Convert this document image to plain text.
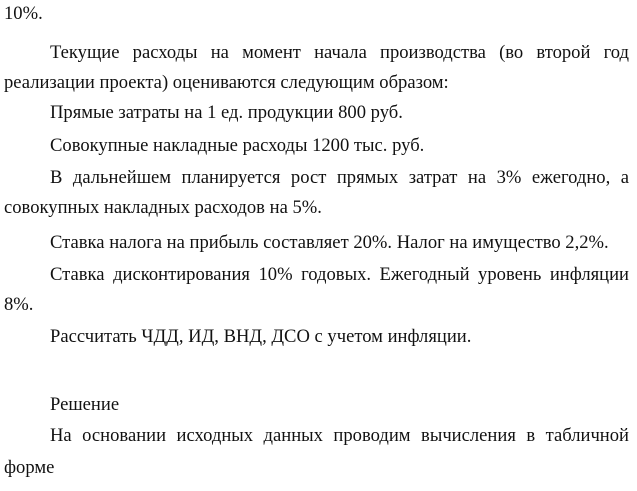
10%.
Текущие расходы на момент начала производства (во второй год
реализации проекта) оцениваются следующим образом:
Прямые затраты на 1 ед. продукции 800 руб.
Совокупные накладные расходы 1200 тыс. руб.
В дальнейшем планируется рост прямых затрат на 3% ежегодно, а
совокупных накладных расходов на 5%.
Ставка налога на прибыль составляет 20%. Налог на имущество 2,2%.
Ставка дисконтирования 10% годовых. Ежегодный уровень инфляции
8%.
Рассчитать ЧДД, ИД, ВНД, ДСО с учетом инфляции.
Решение
На основании исходных данных проводим вычисления в табличной
форме
